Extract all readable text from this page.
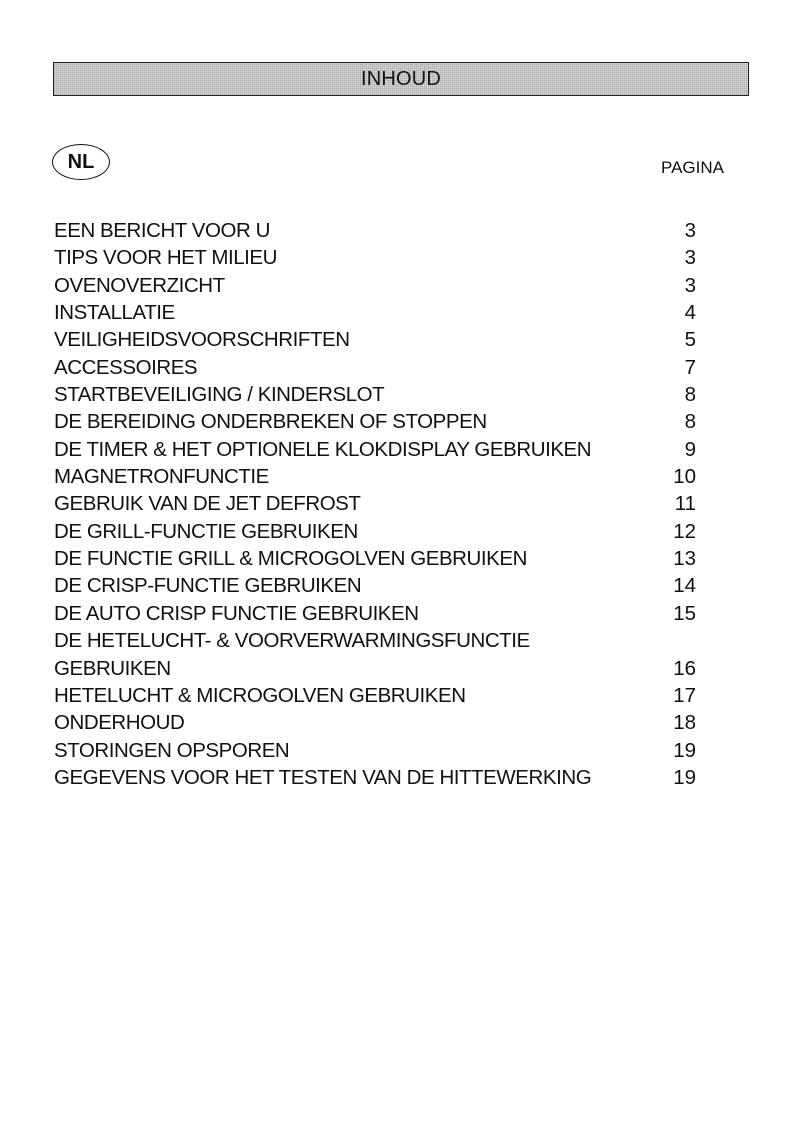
INHOUD
NL	PAGINA
EEN BERICHT VOOR U	3
TIPS VOOR HET MILIEU	3
OVENOVERZICHT	3
INSTALLATIE	4
VEILIGHEIDSVOORSCHRIFTEN	5
ACCESSOIRES	7
STARTBEVEILIGING / KINDERSLOT	8
DE BEREIDING ONDERBREKEN OF STOPPEN	8
DE TIMER & HET OPTIONELE KLOKDISPLAY GEBRUIKEN	9
MAGNETRONFUNCTIE	10
GEBRUIK VAN DE JET DEFROST	11
DE GRILL-FUNCTIE GEBRUIKEN	12
DE FUNCTIE GRILL & MICROGOLVEN GEBRUIKEN	13
DE CRISP-FUNCTIE GEBRUIKEN	14
DE AUTO CRISP FUNCTIE GEBRUIKEN	15
DE HETELUCHT- & VOORVERWARMINGSFUNCTIE
GEBRUIKEN	16
HETELUCHT & MICROGOLVEN GEBRUIKEN	17
ONDERHOUD	18
STORINGEN OPSPOREN	19
GEGEVENS VOOR HET TESTEN VAN DE HITTEWERKING	19
